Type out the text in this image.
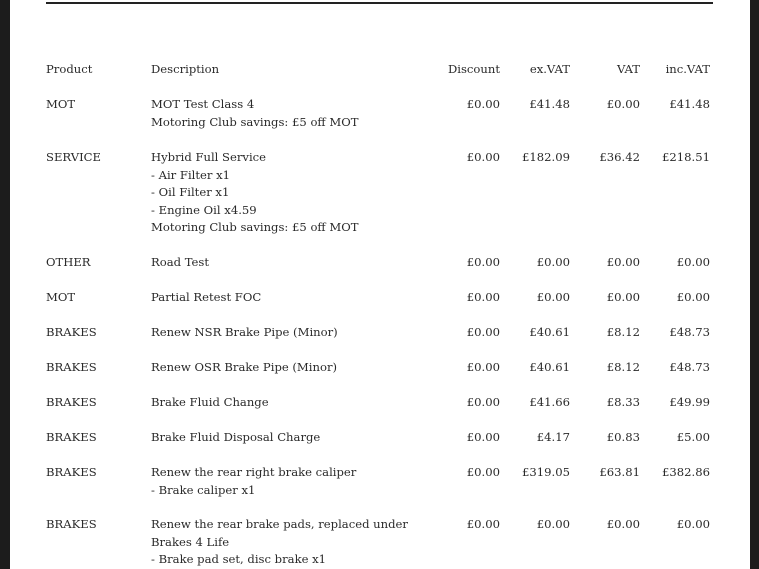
Product	Description	Discount	ex.VAT	VAT inc.VAT
MOT	MOT Test Class 4
Motoring Club savings: £5 off MOT
£0.00	£41.48	£0.00	£41.48
SERVICE	Hybrid Full Service
- Air Filter x1
- Oil Filter x1
- Engine Oil x4.59
Motoring Club savings: £5 off MOT
£0.00 £182.09	£36.42 £218.51
OTHER	Road Test	£0.00	£0.00	£0.00	£0.00
MOT	Partial Retest FOC	£0.00	£0.00	£0.00	£0.00
BRAKES	Renew NSR Brake Pipe (Minor)	£0.00	£40.61	£8.12	£48.73
BRAKES	Renew OSR Brake Pipe (Minor)	£0.00	£40.61	£8.12	£48.73
BRAKES	Brake Fluid Change	£0.00	£41.66	£8.33	£49.99
BRAKES	Brake Fluid Disposal Charge	£0.00	£4.17	£0.83	£5.00
BRAKES	Renew the rear right brake caliper
- Brake caliper x1
£0.00 £319.05	£63.81 £382.86
BRAKES	Renew the rear brake pads, replaced under
Brakes 4 Life
- Brake pad set, disc brake x1
£0.00	£0.00	£0.00	£0.00
